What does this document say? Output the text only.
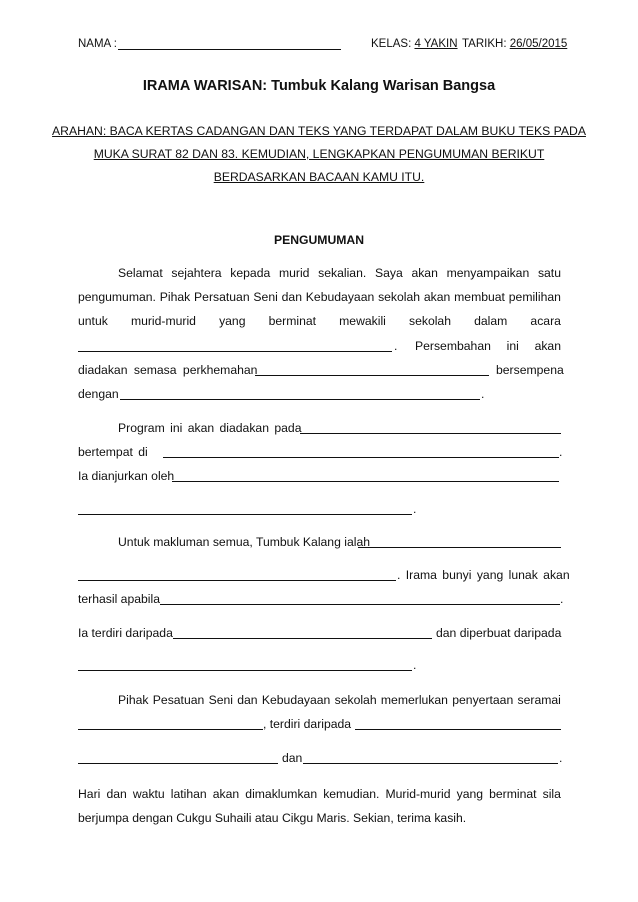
NAMA :	KELAS: 4 YAKIN TARIKH: 26/05/2015
IRAMA WARISAN: Tumbuk Kalang Warisan Bangsa
ARAHAN: BACA KERTAS CADANGAN DAN TEKS YANG TERDAPAT DALAM BUKU TEKS PADA
MUKA SURAT 82 DAN 83. KEMUDIAN, LENGKAPKAN PENGUMUMAN BERIKUT
BERDASARKAN BACAAN KAMU ITU.
PENGUMUMAN
Selamat sejahtera kepada murid sekalian. Saya akan menyampaikan satu
pengumuman. Pihak Persatuan Seni dan Kebudayaan sekolah akan membuat pemilihan
untuk murid-murid yang berminat mewakili sekolah dalam acara
. Persembahan ini akan
diadakan semasa perkhemahan	bersempena
dengan	.
Program ini akan diadakan pada
bertempat di	.
Ia dianjurkan oleh
.
Untuk makluman semua, Tumbuk Kalang ialah
. Irama bunyi yang lunak akan
terhasil apabila	.
Ia terdiri daripada	dan diperbuat daripada
.
Pihak Pesatuan Seni dan Kebudayaan sekolah memerlukan penyertaan seramai
, terdiri daripada
dan	.
Hari dan waktu latihan akan dimaklumkan kemudian. Murid-murid yang berminat sila
berjumpa dengan Cukgu Suhaili atau Cikgu Maris. Sekian, terima kasih.
